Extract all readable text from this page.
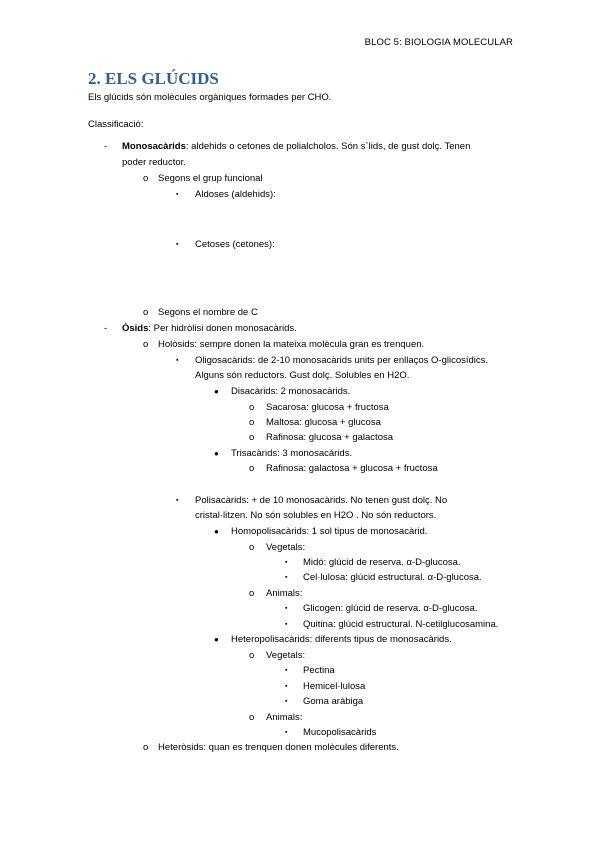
BLOC 5: BIOLOGIA MOLECULAR
2. ELS GLÚCIDS
Els glúcids són molècules orgàniques formades per CHO.
Classificació:
- Monosacàrids: aldehids o cetones de polialcholos. Són s`lids, de gust dolç. Tenen
poder reductor.
o Segons el grup funcional
▪ Aldoses (aldehids):
▪ Cetoses (cetones):
o Segons el nombre de C
- Òsids: Per hidròlisi donen monosacàrids.
o Holòsids: sempre donen la mateixa molècula gran es trenquen.
▪ Oligosacàrids: de 2-10 monosacàrids units per enllaços O-glicosídics.
Alguns són reductors. Gust dolç. Solubles en H2O.
● Disacàrids: 2 monosacàrids.
o Sacarosa: glucosa + fructosa
o Maltosa: glucosa + glucosa
o Rafinosa: glucosa + galactosa
● Trisacàrids: 3 monosacàrids.
o Rafinosa: galactosa + glucosa + fructosa
▪ Polisacàrids: + de 10 monosacàrids. No tenen gust dolç. No
cristal·litzen. No són solubles en H2O . No són reductors.
● Homopolisacàrids: 1 sol tipus de monosacàrid.
o Vegetals:
▪ Midó: glúcid de reserva. α-D-glucosa.
▪ Cel·lulosa: glúcid estructural. α-D-glucosa.
o Animals:
▪ Glicogen: glúcid de reserva. α-D-glucosa.
▪ Quitina: glúcid estructural. N-cetilglucosamina.
● Heteropolisacàrids: diferents tipus de monosacàrids.
o Vegetals:
▪ Pectina
▪ Hemicel·lulosa
▪ Goma aràbiga
o Animals:
▪ Mucopolisacàrids
o Heteròsids: quan es trenquen donen molècules diferents.
